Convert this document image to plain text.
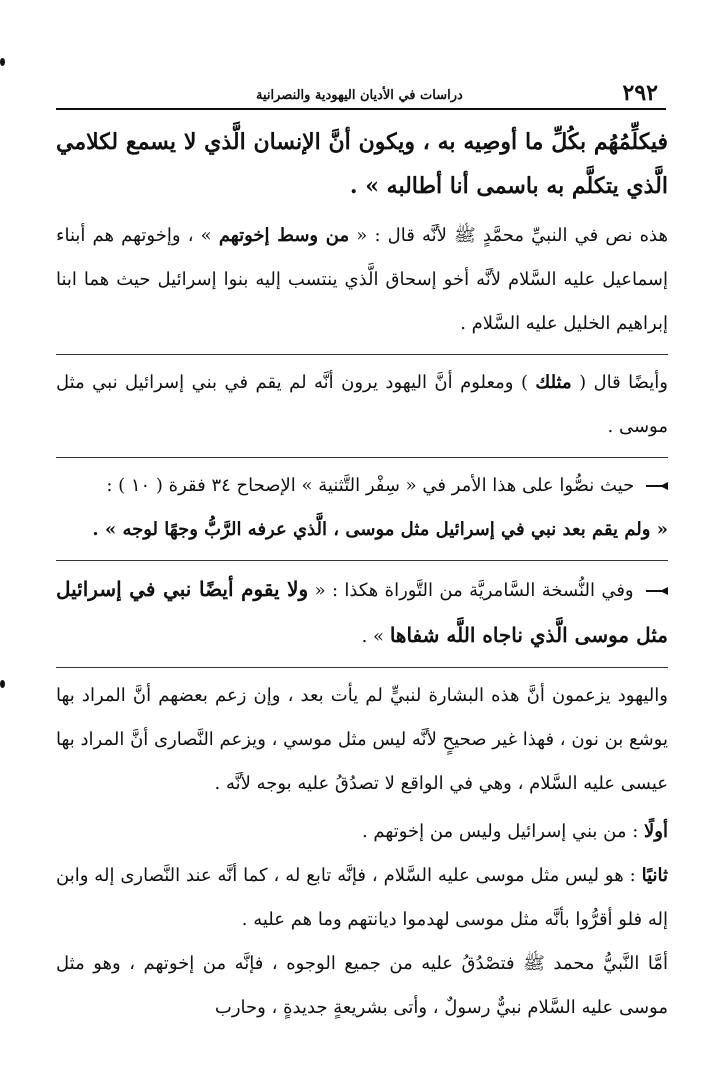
٢٩٢
دراسات في الأديان اليهودية والنصرانية

فيكلِّمُهُم بكُلِّ ما أوصِيه به ، ويكون أنَّ الإنسان الَّذي لا يسمع لكلامي الَّذي يتكلَّم به باسمى أنا أطالبه » .

هذه نص في النبيِّ محمَّدٍ ﷺ لأنَّه قال : « من وسط إخوتهم » ، وإخوتهم هم أبناء إسماعيل عليه السَّلام لأنَّه أخو إسحاق الَّذي ينتسب إليه بنوا إسرائيل حيث هما ابنا إبراهيم الخليل عليه السَّلام .

وأيضًا قال ( مثلك ) ومعلوم أنَّ اليهود يرون أنَّه لم يقم في بني إسرائيل نبي مثل موسى .

حيث نصُّوا على هذا الأمر في « سِفْر التَّثنية » الإصحاح ٣٤ فقرة ( ١٠ ) :

« ولم يقم بعد نبي في إسرائيل مثل موسى ، الَّذي عرفه الرَّبُّ وجهًا لوجه » .

وفي النُّسخة السَّامريَّة من التَّوراة هكذا : « ولا يقوم أيضًا نبي في إسرائيل مثل موسى الَّذي ناجاه اللَّه شفاها » .

واليهود يزعمون أنَّ هذه البشارة لنبيٍّ لم يأت بعد ، وإن زعم بعضهم أنَّ المراد بها يوشع بن نون ، فهذا غير صحيحٍ لأنَّه ليس مثل موسي ، ويزعم النَّصارى أنَّ المراد بها عيسى عليه السَّلام ، وهي في الواقع لا تصدُقُ عليه بوجه لأنَّه .

أولًا : من بني إسرائيل وليس من إخوتهم .

ثانيًا : هو ليس مثل موسى عليه السَّلام ، فإنَّه تابع له ، كما أنَّه عند النَّصارى إله وابن إله فلو أقرُّوا بأنَّه مثل موسى لهدموا ديانتهم وما هم عليه .

أمَّا النَّبيُّ محمد ﷺ فتصْدُقُ عليه من جميع الوجوه ، فإنَّه من إخوتهم ، وهو مثل موسى عليه السَّلام نبيٌّ رسولٌ ، وأتى بشريعةٍ جديدةٍ ، وحارب
